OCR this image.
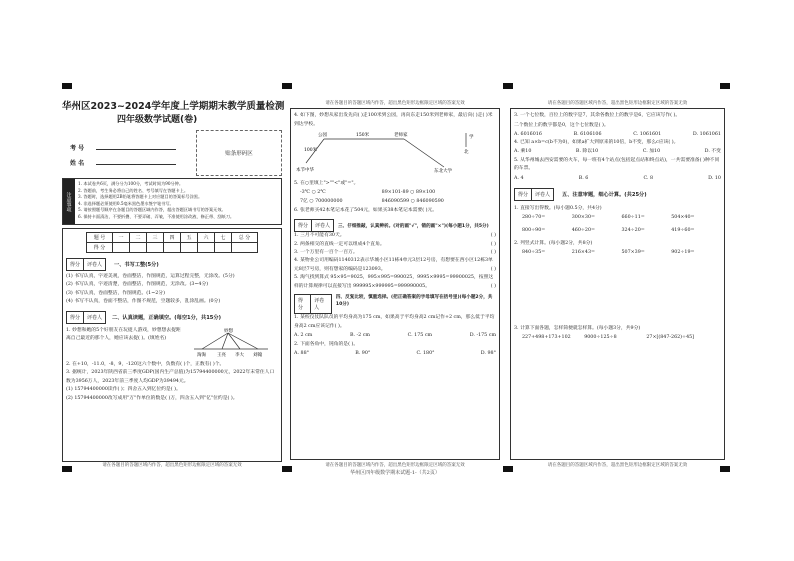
华州区2023~2024学年度上学期期末教学质量检测
四年级数学试题(卷)
考 号
姓 名
贴条形码区
注意事项
1. 本试卷共6页，满分分为100分，考试时间为90分钟。
2. 答题前，考生务必将自己的姓名、考号填写在答题卡上。
3. 答题时，选择题用2B铅笔将答题卡上对应题目的答案标号涂黑。
4. 非选择题必须使用0.5毫米黑色墨水签字笔书写。
5. 请按照题号顺序在各题目的答题区域内作答，超出答题区域书写的答案无效。
6. 保持卡面清洁，不要折叠、不要弄破、弄皱，不准使用涂改液、修正带、刮纸刀。
题 号	一	二	三	四	五	六	七	总 分
得 分								
得分	评卷人	一、书写工整(5分)
(1) 书写认真，字迹美观，卷面整洁，作图规范，运算过程完整，无涂改。(5分)
(2) 书写认真，字迹清楚，卷面整洁，作图规范，无涂改。(3~4分)
(3) 书写认真，卷面整洁，作图规范。(1~2分)
(4) 书写不认真，卷面不整洁，作图不规范，空题较多，乱涂乱画。(0分)
得分	评卷人	二、认真读题，正确填空。(每空1分，共15分)
1. 妙想和她的5个好朋友在玩捉人游戏，妙想想去捉距离自己最近的那个人，她应该去捉( )。(填姓名)
妙想
淘淘 王亮 李大 刘翰
2. 在+10，-11.0，-8，9，-120这六个数中，负数有( )个，正数有( )个。
3. 据统计，2023年陕西省前三季度GDP(国内生产总值)为15794400000元，2022年末常住人口数为3956万人，2023年前三季度人均GDP为39494元。
(1) 15794400000读作( )；四舍五入到亿位约是( )。
(2) 15794400000改写成用"万"作单位的数是( )万，四舍五入到"亿"位约是( )。
请在各题目的答题区域内作答，超出黑色矩形边框限定区域的答案无效
请在各题目的答题区域内作答，超出黑色矩形边框限定区域的答案无效
4. 如下图，妙想从家出发先向( )走100米到公园，再向东走150米到老师家，最后向( )走( )米到达学校。
公园	150米	老师家
100米
学
东北大学
本节中华
北
5. 在○里填上">""<"或"="。
-3℃ ○ 2℃	89×101-89 ○ 89×100
7亿 ○ 700000000	846090599 ○ 846090590
6. 张老师买42本笔记本花了504元，如果买38本笔记本需要( )元。
得分	评卷人	三、仔细推敲，认真辨析。(对的画"√"，错的画"×")(每小题1分，共5分)
1. 三月不可能有30天。	( )
2. 两条相交的直线一定可以组成4个直角。	( )
3. 一个万里有一百个一百万。	( )
4. 某物业公司用编码1140312表示华城小区11栋4单元3层12号房，有想要在西小区12栋3单元8层7号房，则有想家的编码是123093。	( )
5. 淘气找到算式 95×95=9025，995×995=990025，9995×9995=99900025，按照这样的计算规律可以直接写出 999995×999995=999990005。	( )
得分
评卷人
四、反复比较，慎重选择。(把正确答案的字母填写在括号里)(每小题2分，共10分)
1. 某校仪仗队队员的平均身高为175 cm，如果高于平均身高2 cm记作+2 cm，那么低于平均身高2 cm应该记作( )。
A. 2 cm	B. -2 cm	C. 175 cm	D. -175 cm
2. 下面各角中，钝角的是( )。
A. 88°	B. 90°	C. 180°	D. 98°
请在各题目的答题区域内作答，超出黑色矩形边框限定区域的答案无效
华州区四年级数学期末试题-1-（共2页）
请在各题目的答题区域内作答，超出黑色矩形边框限定区域的答案无效
3. 一个七位数，百位上的数字是7，其余各数位上的数字是6，它应该写作( )。
二个数位上的数字都是0，这个七位数是( )。
A. 6016016	B. 6106106	C. 1061601	D. 1061061
4. 已知 a×b=c(b不为0)，如果a扩大到原来的10倍，b不变，那么c应该( )。
A. 乘10	B. 除以10	C. 加10	D. 不变
5. 从华州城去西安需要的火车，每一班有4个站点(包括起点站和终点站)，一共需要准备( )种不同的车票。
A. 4	B. 6	C. 8	D. 10
得分	评卷人	五、注意审题，细心计算。(共25分)
1. 直接写出得数。(每小题0.5分，共4分)
280÷70=	300×30=	660÷11=	504×40=
800÷90=	460÷20=	324÷20=	419÷60=
2. 列竖式计算。(每小题2分，共8分)
840÷35=	216×43=	507×39=	902÷19=
3. 计算下面各题，怎样简便就怎样算。(每小题3分，共9分)
227+498+173+102	9000÷125÷8	27×[(847-262)÷45]
请在各题目的答题区域内作答，超出黑色矩形边框限定区域的答案无效
